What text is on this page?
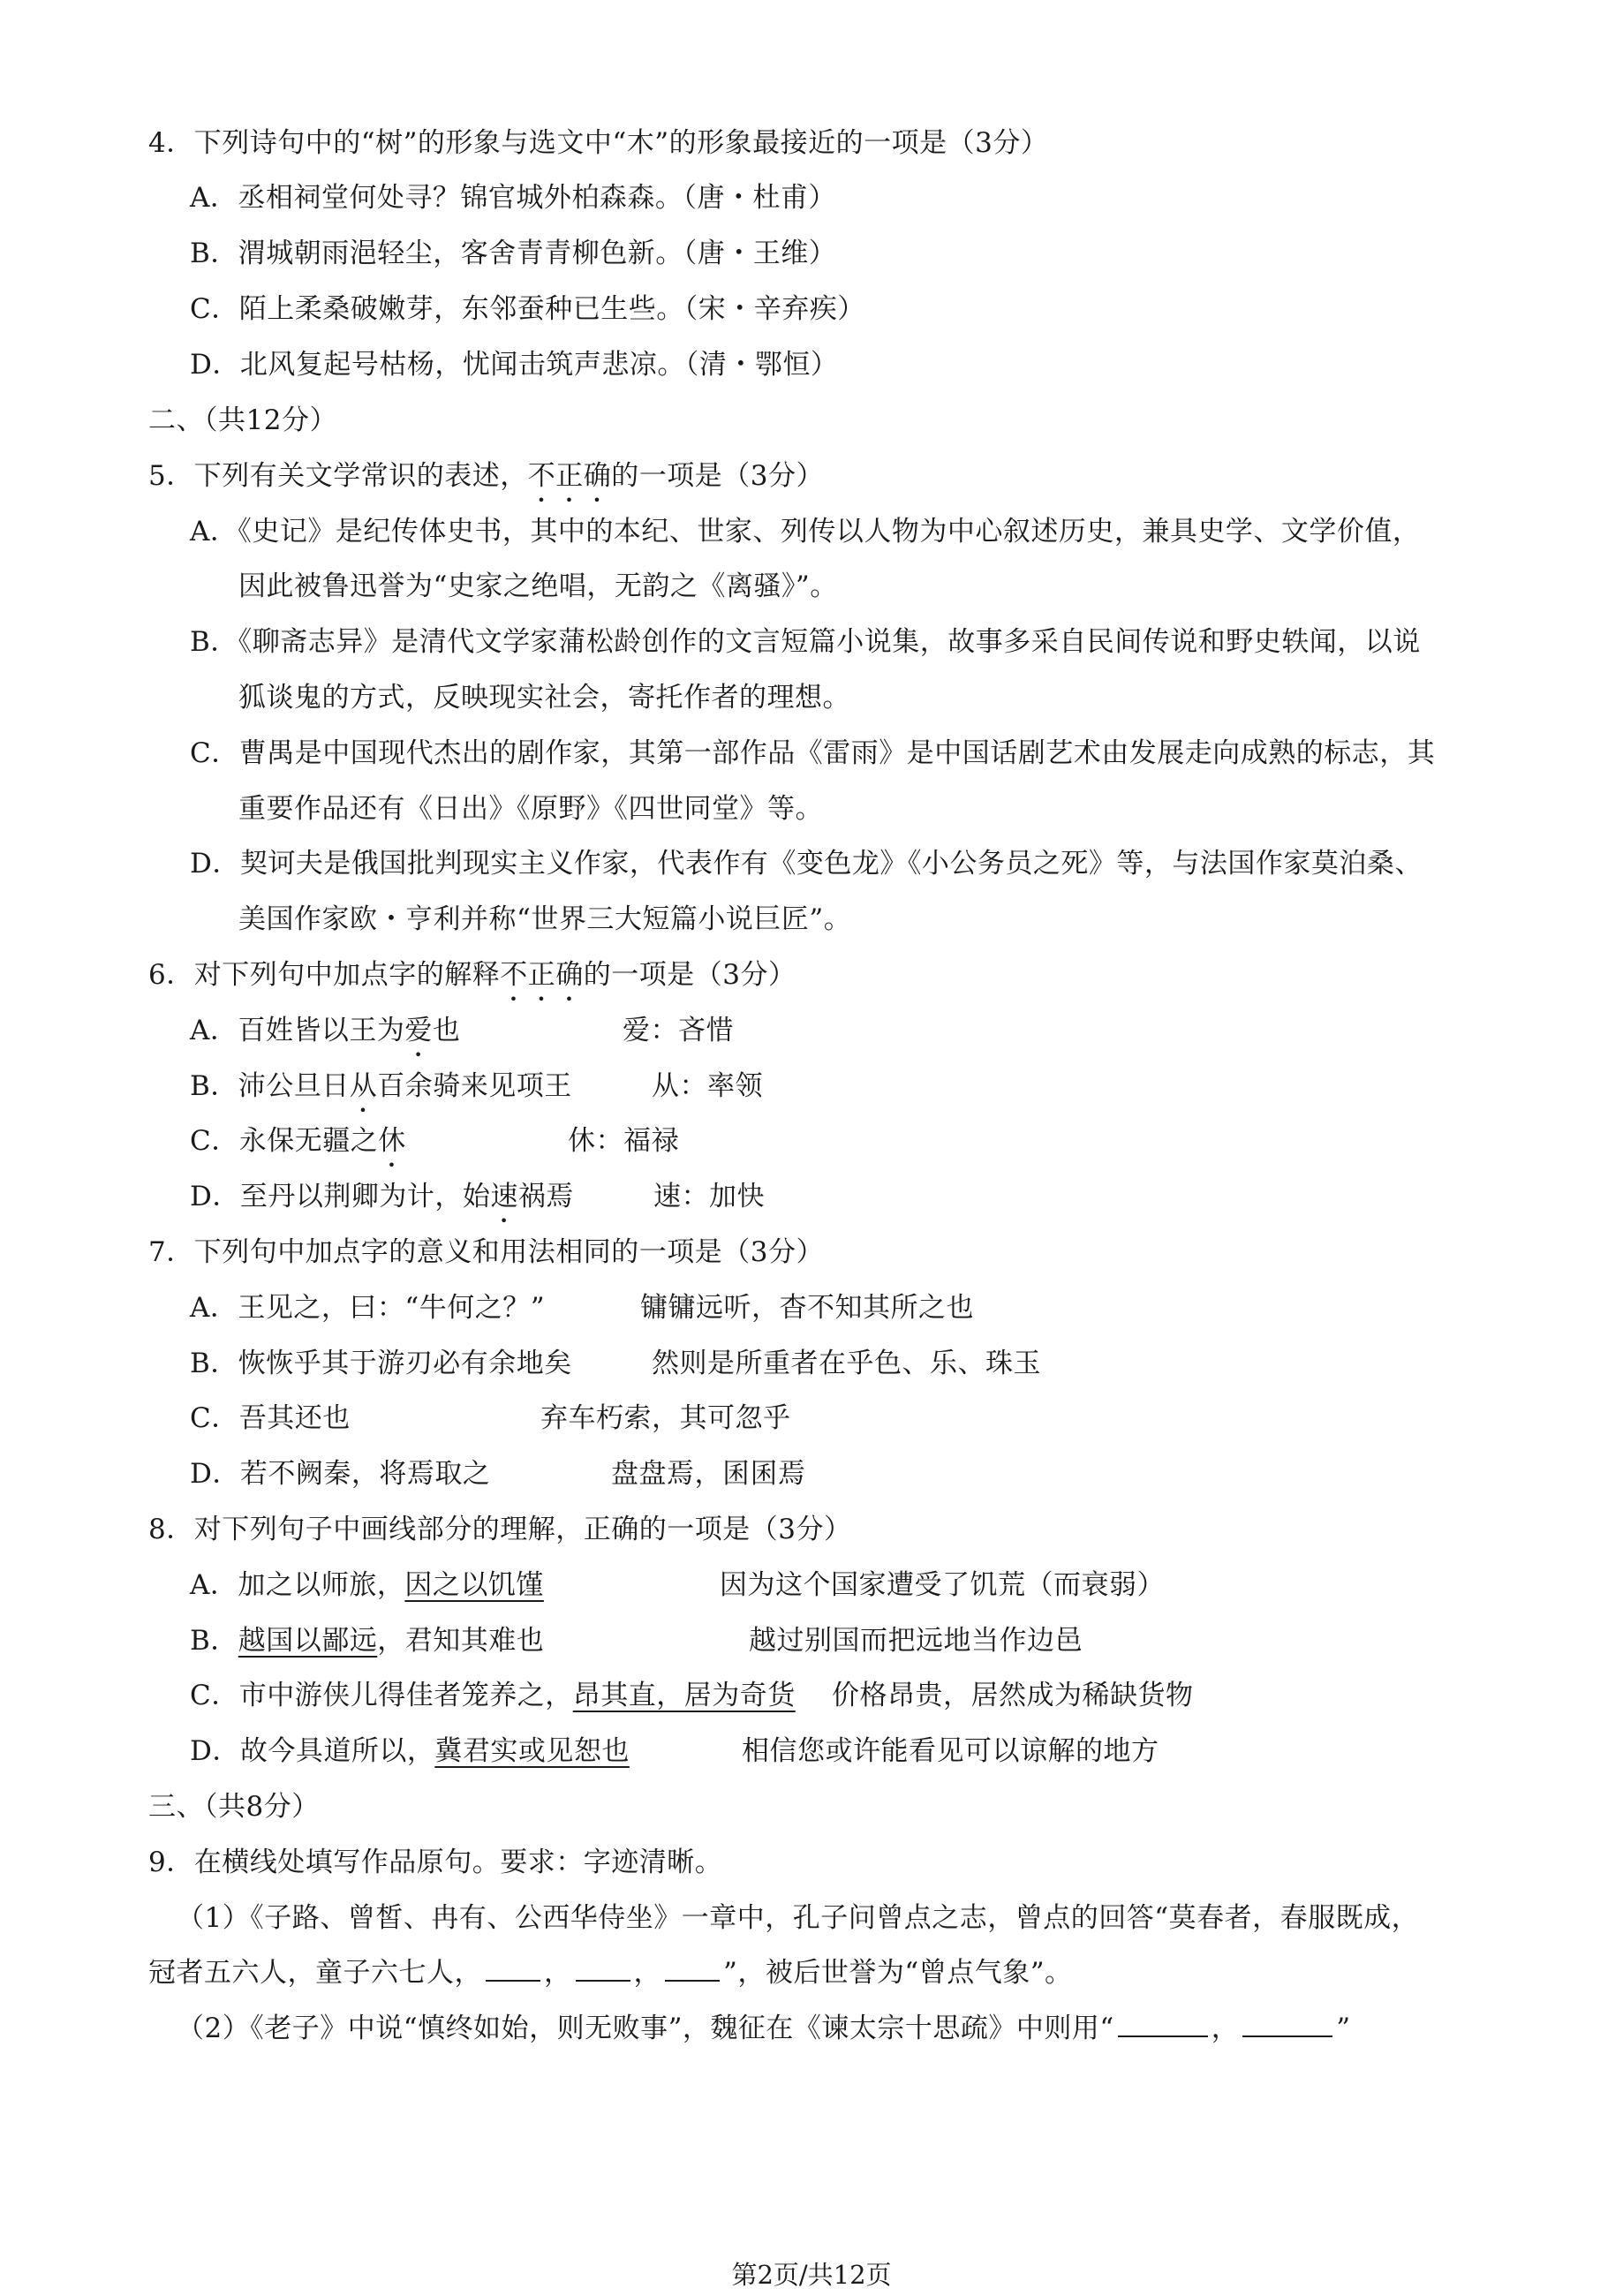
4．下列诗句中的“树”的形象与选文中“木”的形象最接近的一项是（3分）
A．丞相祠堂何处寻？锦官城外柏森森。（唐・杜甫）
B．渭城朝雨浥轻尘，客舍青青柳色新。（唐・王维）
C．陌上柔桑破嫩芽，东邻蚕种已生些。（宋・辛弃疾）
D．北风复起号枯杨，忧闻击筑声悲凉。（清・鄂恒）
二、（共12分）
5．下列有关文学常识的表述，不正确的一项是（3分）
A．《史记》是纪传体史书，其中的本纪、世家、列传以人物为中心叙述历史，兼具史学、文学价值，
因此被鲁迅誉为“史家之绝唱，无韵之《离骚》”。
B．《聊斋志异》是清代文学家蒲松龄创作的文言短篇小说集，故事多采自民间传说和野史轶闻，以说
狐谈鬼的方式，反映现实社会，寄托作者的理想。
C．曹禺是中国现代杰出的剧作家，其第一部作品《雷雨》是中国话剧艺术由发展走向成熟的标志，其
重要作品还有《日出》《原野》《四世同堂》等。
D．契诃夫是俄国批判现实主义作家，代表作有《变色龙》《小公务员之死》等，与法国作家莫泊桑、
美国作家欧・亨利并称“世界三大短篇小说巨匠”。
6．对下列句中加点字的解释不正确的一项是（3分）
A．百姓皆以王为爱也	爱：吝惜
B．沛公旦日从百余骑来见项王	从：率领
C．永保无疆之休	休：福禄
D．至丹以荆卿为计，始速祸焉	速：加快
7．下列句中加点字的意义和用法相同的一项是（3分）
A．王见之，曰：“牛何之？”	镛镛远听，杳不知其所之也
B．恢恢乎其于游刃必有余地矣	然则是所重者在乎色、乐、珠玉
C．吾其还也	弃车朽索，其可忽乎
D．若不阙秦，将焉取之	盘盘焉，囷囷焉
8．对下列句子中画线部分的理解，正确的一项是（3分）
A．加之以师旅，因之以饥馑	因为这个国家遭受了饥荒（而衰弱）
B．越国以鄙远，君知其难也	越过别国而把远地当作边邑
C．市中游侠儿得佳者笼养之，昂其直，居为奇货 价格昂贵，居然成为稀缺货物
D．故今具道所以，冀君实或见恕也	相信您或许能看见可以谅解的地方
三、（共8分）
9．在横线处填写作品原句。要求：字迹清晰。
（1）《子路、曾皙、冉有、公西华侍坐》一章中，孔子问曾点之志，曾点的回答“莫春者，春服既成，
冠者五六人，童子六七人， ， ， ”，被后世誉为“曾点气象”。
（2）《老子》中说“慎终如始，则无败事”，魏征在《谏太宗十思疏》中则用“	，	”
第2页/共12页
